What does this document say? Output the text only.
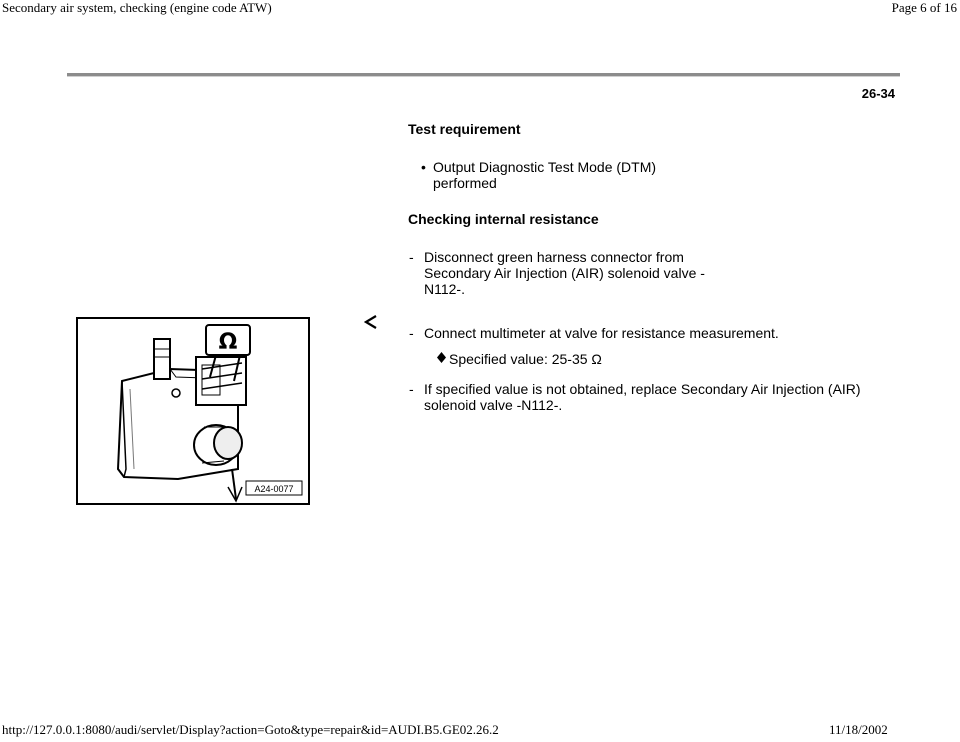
Secondary air system, checking (engine code ATW)	Page 6 of 16
26-34
Test requirement
• Output Diagnostic Test Mode (DTM) performed
Checking internal resistance
- Disconnect green harness connector from Secondary Air Injection (AIR) solenoid valve -N112-.
Ω
A24-0077
- Connect multimeter at valve for resistance measurement.
Specified value: 25-35 Ω
- If specified value is not obtained, replace Secondary Air Injection (AIR) solenoid valve -N112-.
http://127.0.0.1:8080/audi/servlet/Display?action=Goto&type=repair&id=AUDI.B5.GE02.26.2	11/18/2002
